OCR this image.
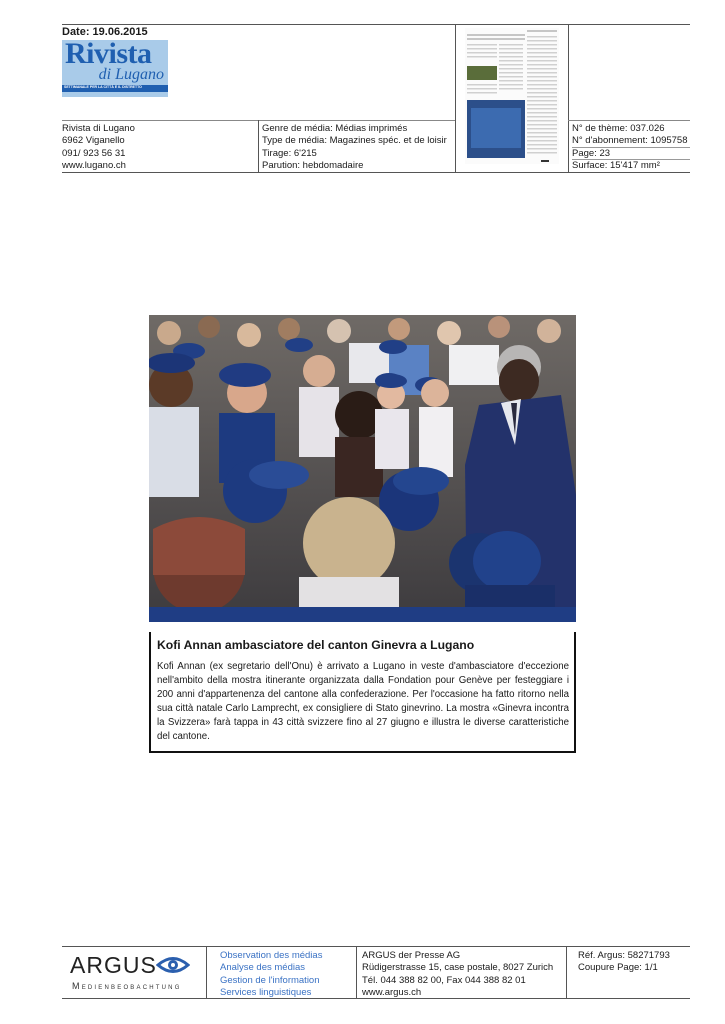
Date: 19.06.2015
Rivista
di Lugano
SETTIMANALE PER LA CITTÀ E IL DISTRETTO
Rivista di Lugano
6962 Viganello
091/ 923 56 31
www.lugano.ch
Genre de média: Médias imprimés
Type de média: Magazines spéc. et de loisir
Tirage: 6'215
Parution: hebdomadaire
N° de thème: 037.026
N° d'abonnement: 1095758
Page: 23
Surface: 15'417 mm²
Kofi Annan ambasciatore del canton Ginevra a Lugano
Kofi Annan (ex segretario dell'Onu) è arrivato a Lugano in veste d'ambasciatore d'eccezione nell'ambito della mostra itinerante organizzata dalla Fondation pour Genève per festeggiare i 200 anni d'appartenenza del cantone alla confederazione. Per l'occasione ha fatto ritorno nella sua città natale Carlo Lamprecht, ex consigliere di Stato ginevrino. La mostra «Ginevra incontra la Svizzera» farà tappa in 43 città svizzere fino al 27 giugno e illustra le diverse caratteristiche del cantone.
ARGUS
Medienbeobachtung
Observation des médias
Analyse des médias
Gestion de l'information
Services linguistiques
ARGUS der Presse AG
Rüdigerstrasse 15, case postale, 8027 Zurich
Tél. 044 388 82 00, Fax 044 388 82 01
www.argus.ch
Réf. Argus: 58271793
Coupure Page: 1/1
